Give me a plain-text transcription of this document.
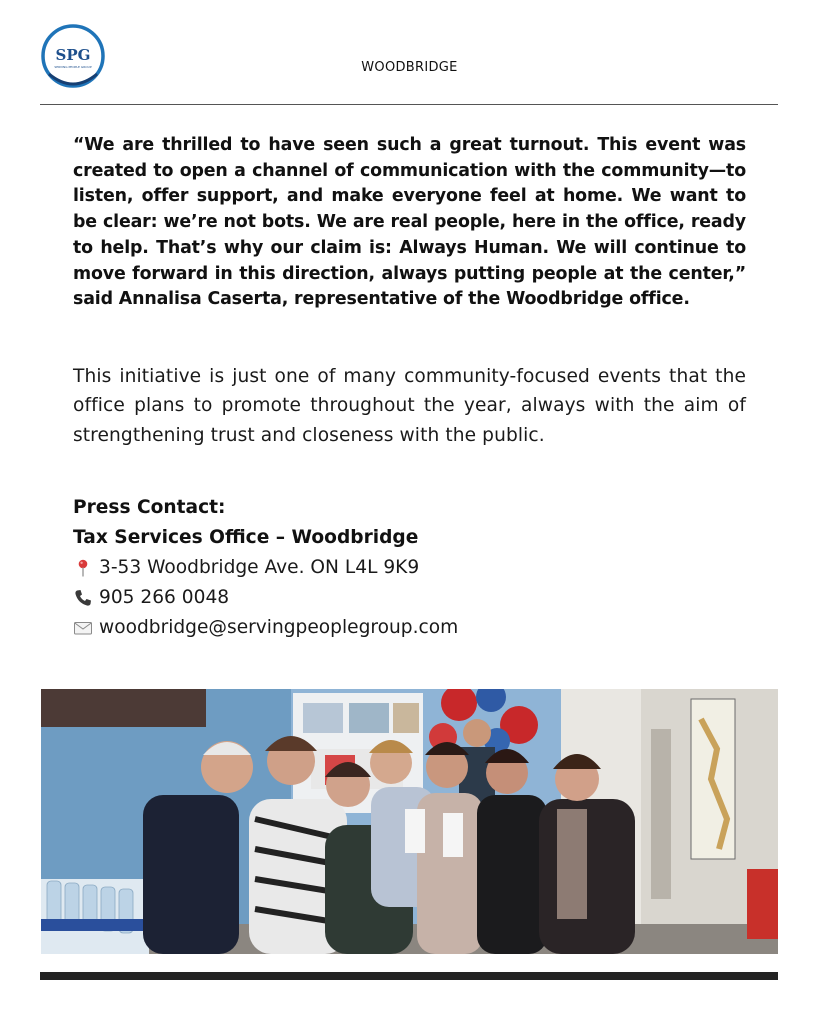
SPG
SERVING PEOPLE GROUP	WOODBRIDGE

“We are thrilled to have seen such a great turnout. This event was created to open a channel of communication with the community—to listen, offer support, and make everyone feel at home. We want to be clear: we’re not bots. We are real people, here in the office, ready to help. That’s why our claim is: Always Human. We will continue to move forward in this direction, always putting people at the center,” said Annalisa Caserta, representative of the Woodbridge office.

This initiative is just one of many community-focused events that the office plans to promote throughout the year, always with the aim of strengthening trust and closeness with the public.

Press Contact:
Tax Services Office – Woodbridge
3-53 Woodbridge Ave. ON L4L 9K9
905 266 0048
woodbridge@servingpeoplegroup.com
